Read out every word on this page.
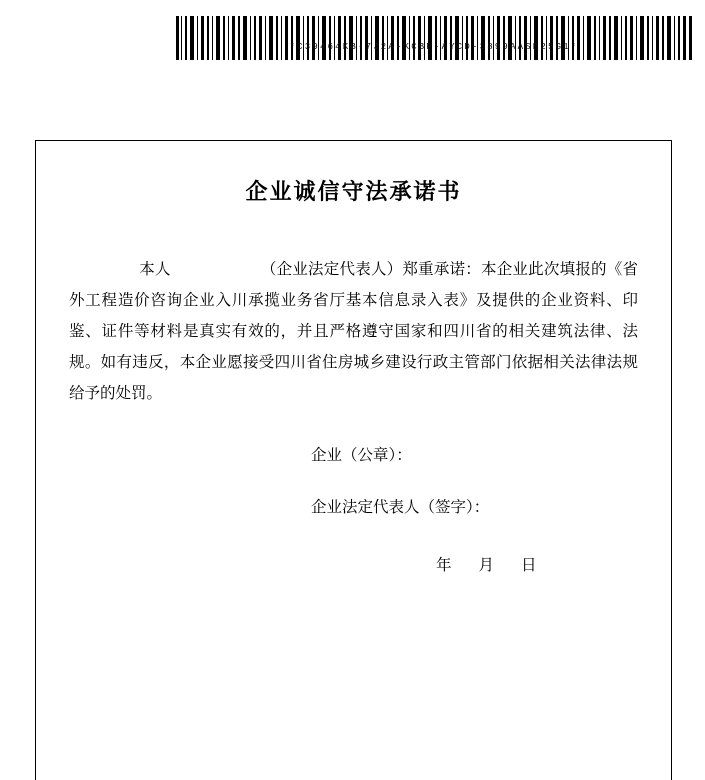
*C39464KB-7J2A-KCBP-AYCD-3899AASD25G1*
企业诚信守法承诺书
本人	（企业法定代表人）郑重承诺：本企业此次填报的《省外工程造价咨询企业入川承揽业务省厅基本信息录入表》及提供的企业资料、印鉴、证件等材料是真实有效的，并且严格遵守国家和四川省的相关建筑法律、法规。如有违反，本企业愿接受四川省住房城乡建设行政主管部门依据相关法律法规给予的处罚。
企业（公章）：
企业法定代表人（签字）：
年 月 日
